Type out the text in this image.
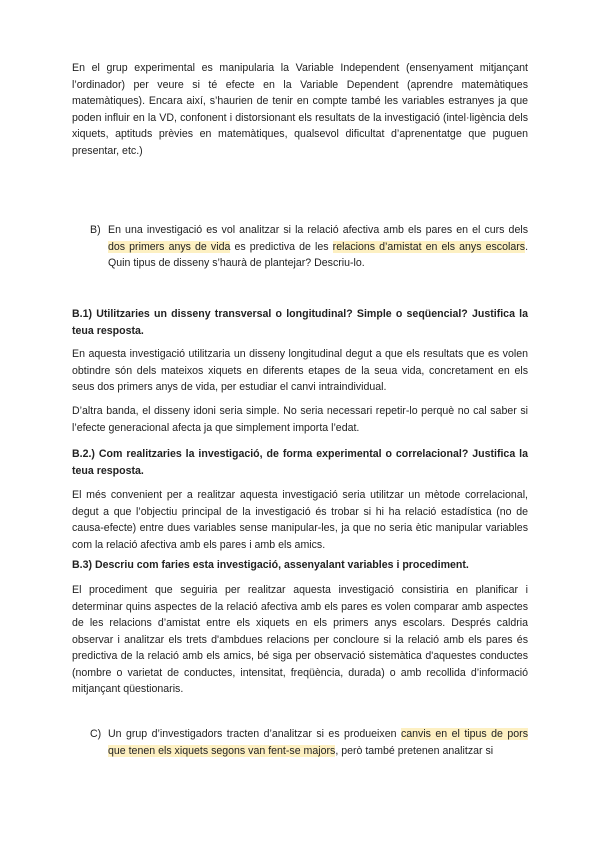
En el grup experimental es manipularia la Variable Independent (ensenyament mitjançant l’ordinador) per veure si té efecte en la Variable Dependent (aprendre matemàtiques matemàtiques). Encara així, s’haurien de tenir en compte també les variables estranyes ja que poden influir en la VD, confonent i distorsionant els resultats de la investigació (intel·ligència dels xiquets, aptituds prèvies en matemàtiques, qualsevol dificultat d’aprenentatge que puguen presentar, etc.)

B) En una investigació es vol analitzar si la relació afectiva amb els pares en el curs dels dos primers anys de vida es predictiva de les relacions d’amistat en els anys escolars. Quin tipus de disseny s’haurà de plantejar? Descriu-lo.

B.1) Utilitzaries un disseny transversal o longitudinal? Simple o seqüencial? Justifica la teua resposta.

En aquesta investigació utilitzaria un disseny longitudinal degut a que els resultats que es volen obtindre són dels mateixos xiquets en diferents etapes de la seua vida, concretament en els seus dos primers anys de vida, per estudiar el canvi intraindividual.

D’altra banda, el disseny idoni seria simple. No seria necessari repetir-lo perquè no cal saber si l’efecte generacional afecta ja que simplement importa l’edat.

B.2.) Com realitzaries la investigació, de forma experimental o correlacional? Justifica la teua resposta.

El més convenient per a realitzar aquesta investigació seria utilitzar un mètode correlacional, degut a que l’objectiu principal de la investigació és trobar si hi ha relació estadística (no de causa-efecte) entre dues variables sense manipular-les, ja que no seria ètic manipular variables com la relació afectiva amb els pares i amb els amics.

B.3) Descriu com faries esta investigació, assenyalant variables i procediment.

El procediment que seguiria per realitzar aquesta investigació consistiria en planificar i determinar quins aspectes de la relació afectiva amb els pares es volen comparar amb aspectes de les relacions d’amistat entre els xiquets en els primers anys escolars. Després caldria observar i analitzar els trets d'ambdues relacions per concloure si la relació amb els pares és predictiva de la relació amb els amics, bé siga per observació sistemàtica d'aquestes conductes (nombre o varietat de conductes, intensitat, freqüència, durada) o amb recollida d’informació mitjançant qüestionaris.

C) Un grup d’investigadors tracten d’analitzar si es produeixen canvis en el tipus de pors que tenen els xiquets segons van fent-se majors, però també pretenen analitzar si
